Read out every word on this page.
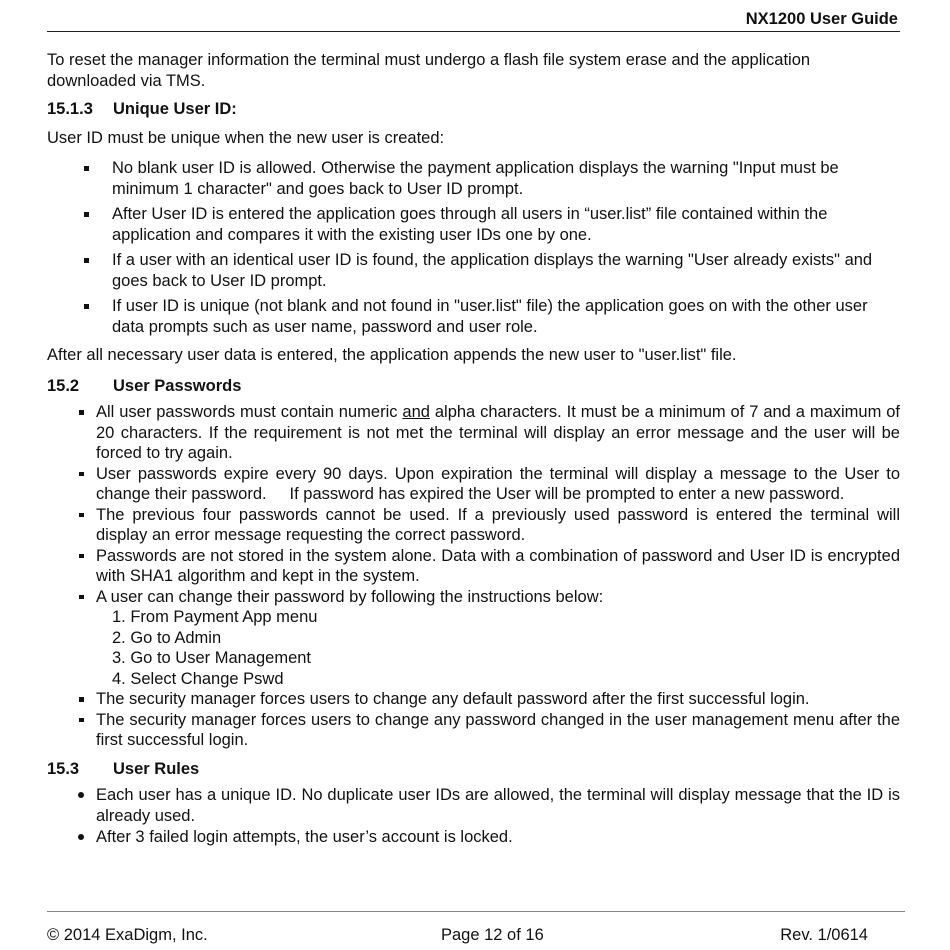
NX1200 User Guide

To reset the manager information the terminal must undergo a flash file system erase and the application downloaded via TMS.

15.1.3 Unique User ID:

User ID must be unique when the new user is created:

No blank user ID is allowed. Otherwise the payment application displays the warning "Input must be minimum 1 character" and goes back to User ID prompt.
After User ID is entered the application goes through all users in “user.list” file contained within the application and compares it with the existing user IDs one by one.
If a user with an identical user ID is found, the application displays the warning "User already exists" and goes back to User ID prompt.
If user ID is unique (not blank and not found in "user.list" file) the application goes on with the other user data prompts such as user name, password and user role.

After all necessary user data is entered, the application appends the new user to "user.list" file.

15.2 User Passwords
All user passwords must contain numeric and alpha characters. It must be a minimum of 7 and a maximum of 20 characters. If the requirement is not met the terminal will display an error message and the user will be forced to try again.
User passwords expire every 90 days. Upon expiration the terminal will display a message to the User to change their password.     If password has expired the User will be prompted to enter a new password.
The previous four passwords cannot be used. If a previously used password is entered the terminal will display an error message requesting the correct password.
Passwords are not stored in the system alone. Data with a combination of password and User ID is encrypted with SHA1 algorithm and kept in the system.
A user can change their password by following the instructions below:
1. From Payment App menu
2. Go to Admin
3. Go to User Management
4. Select Change Pswd
The security manager forces users to change any default password after the first successful login.
The security manager forces users to change any password changed in the user management menu after the first successful login.
15.3 User Rules
Each user has a unique ID. No duplicate user IDs are allowed, the terminal will display message that the ID is already used.
After 3 failed login attempts, the user’s account is locked.
© 2014 ExaDigm, Inc.	Page 12 of 16	Rev. 1/0614
